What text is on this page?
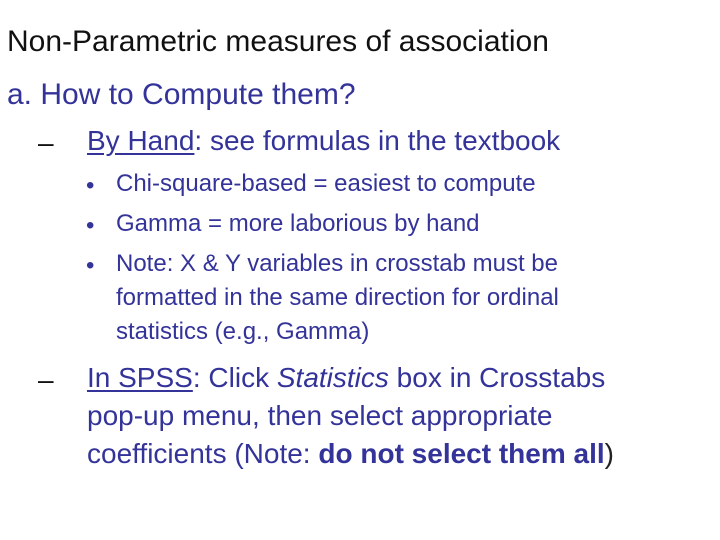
Non-Parametric measures of association
a. How to Compute them?
– By Hand: see formulas in the textbook
• Chi-square-based = easiest to compute
• Gamma = more laborious by hand
• Note: X & Y variables in crosstab must be
formatted in the same direction for ordinal
statistics (e.g., Gamma)
– In SPSS: Click Statistics box in Crosstabs
pop-up menu, then select appropriate
coefficients (Note: do not select them all)
